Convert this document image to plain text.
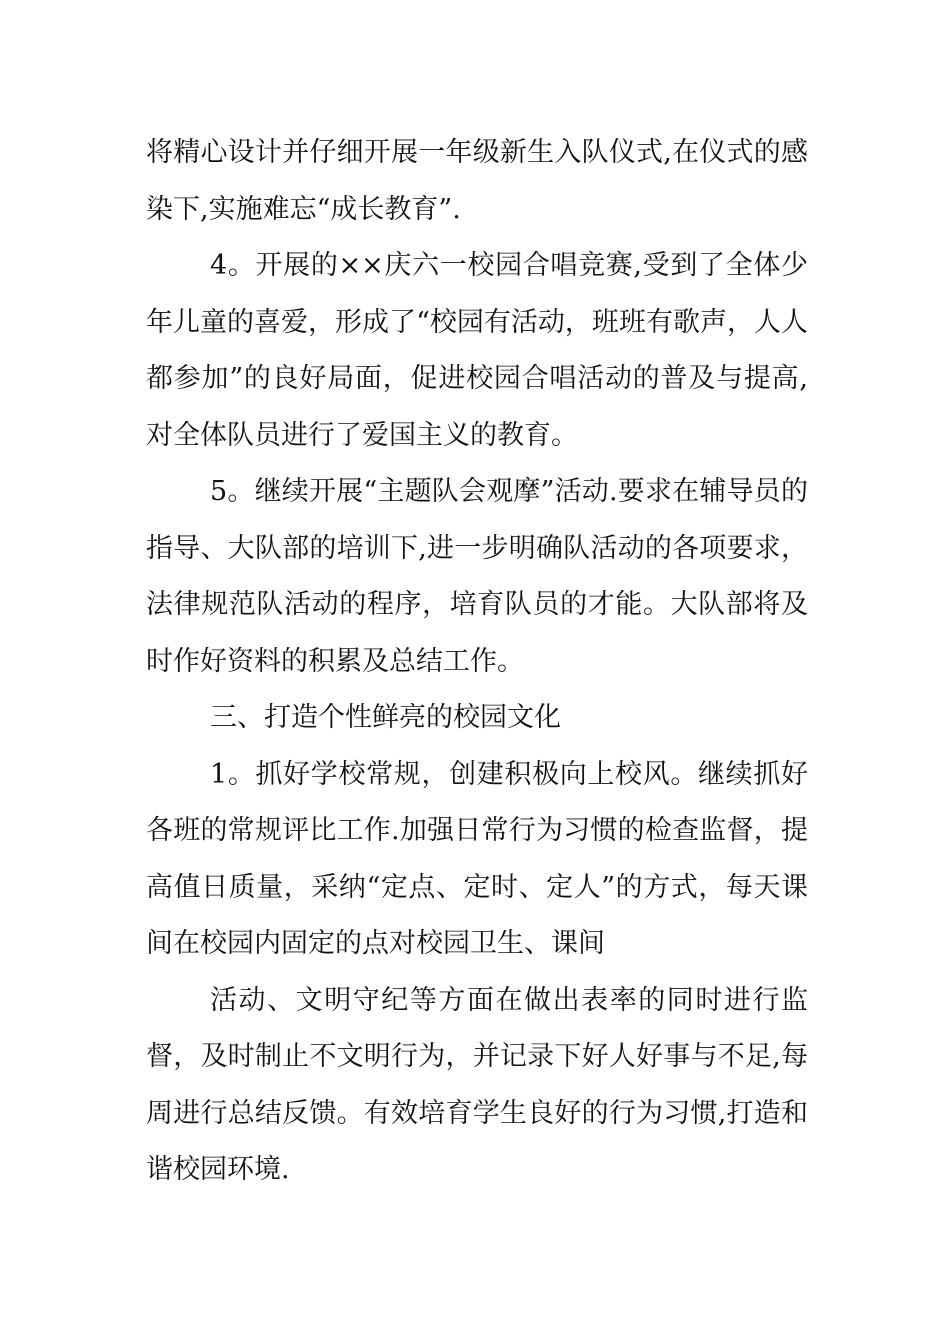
将精心设计并仔细开展一年级新生入队仪式,在仪式的感染下,实施难忘“成长教育”.

4。开展的××庆六一校园合唱竞赛,受到了全体少年儿童的喜爱，形成了“校园有活动，班班有歌声，人人都参加”的良好局面，促进校园合唱活动的普及与提高,对全体队员进行了爱国主义的教育。

5。继续开展“主题队会观摩”活动.要求在辅导员的指导、大队部的培训下,进一步明确队活动的各项要求，法律规范队活动的程序，培育队员的才能。大队部将及时作好资料的积累及总结工作。

三、打造个性鲜亮的校园文化

1。抓好学校常规，创建积极向上校风。继续抓好各班的常规评比工作.加强日常行为习惯的检查监督，提高值日质量，采纳“定点、定时、定人”的方式，每天课间在校园内固定的点对校园卫生、课间

活动、文明守纪等方面在做出表率的同时进行监督，及时制止不文明行为，并记录下好人好事与不足,每周进行总结反馈。有效培育学生良好的行为习惯,打造和谐校园环境.
